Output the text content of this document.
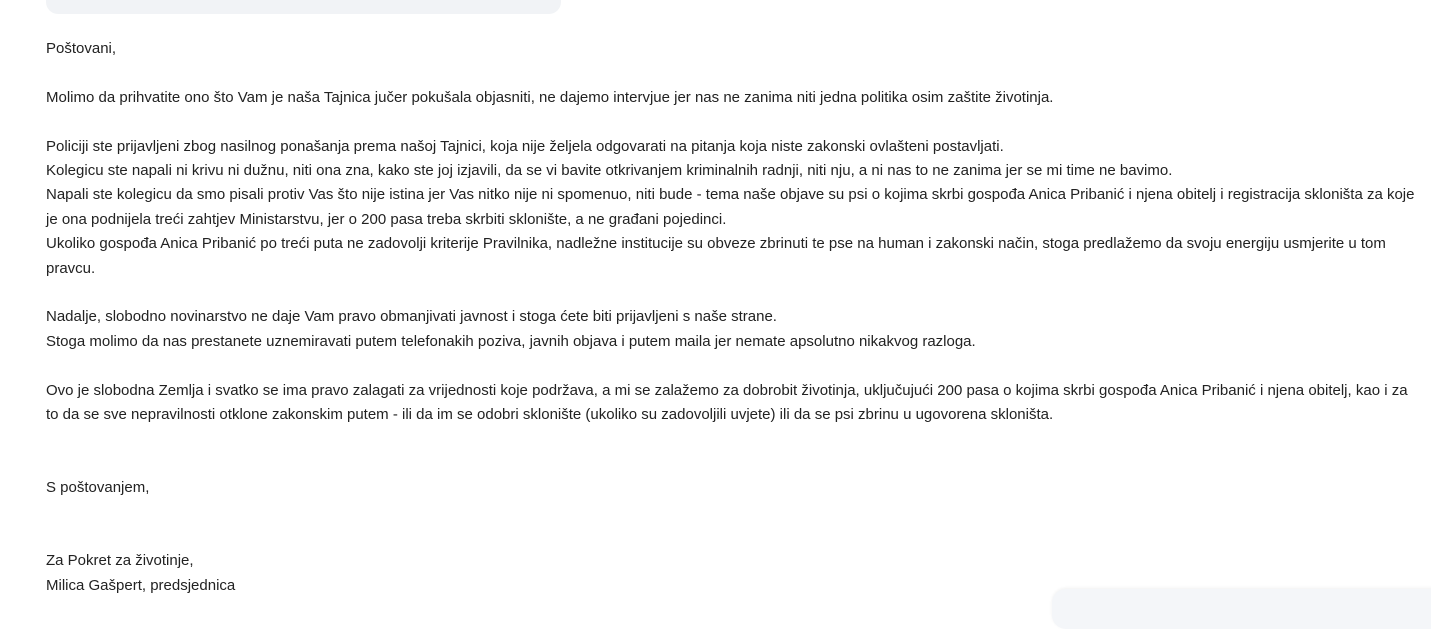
Poštovani,
Molimo da prihvatite ono što Vam je naša Tajnica jučer pokušala objasniti, ne dajemo intervjue jer nas ne zanima niti jedna politika osim zaštite životinja.
Policiji ste prijavljeni zbog nasilnog ponašanja prema našoj Tajnici, koja nije željela odgovarati na pitanja koja niste zakonski ovlašteni postavljati.
Kolegicu ste napali ni krivu ni dužnu, niti ona zna, kako ste joj izjavili, da se vi bavite otkrivanjem kriminalnih radnji, niti nju, a ni nas to ne zanima jer se mi time ne bavimo.
Napali ste kolegicu da smo pisali protiv Vas što nije istina jer Vas nitko nije ni spomenuo, niti bude - tema naše objave su psi o kojima skrbi gospođa Anica Pribanić i njena obitelj i registracija skloništa za koje je ona podnijela treći zahtjev Ministarstvu, jer o 200 pasa treba skrbiti sklonište, a ne građani pojedinci.
Ukoliko gospođa Anica Pribanić po treći puta ne zadovolji kriterije Pravilnika, nadležne institucije su obveze zbrinuti te pse na human i zakonski način, stoga predlažemo da svoju energiju usmjerite u tom pravcu.
Nadalje, slobodno novinarstvo ne daje Vam pravo obmanjivati javnost i stoga ćete biti prijavljeni s naše strane.
Stoga molimo da nas prestanete uznemiravati putem telefonakih poziva, javnih objava i putem maila jer nemate apsolutno nikakvog razloga.
Ovo je slobodna Zemlja i svatko se ima pravo zalagati za vrijednosti koje podržava, a mi se zalažemo za dobrobit životinja, uključujući 200 pasa o kojima skrbi gospođa Anica Pribanić i njena obitelj, kao i za to da se sve nepravilnosti otklone zakonskim putem - ili da im se odobri sklonište (ukoliko su zadovoljili uvjete) ili da se psi zbrinu u ugovorena skloništa.
S poštovanjem,
Za Pokret za životinje,
Milica Gašpert, predsjednica
